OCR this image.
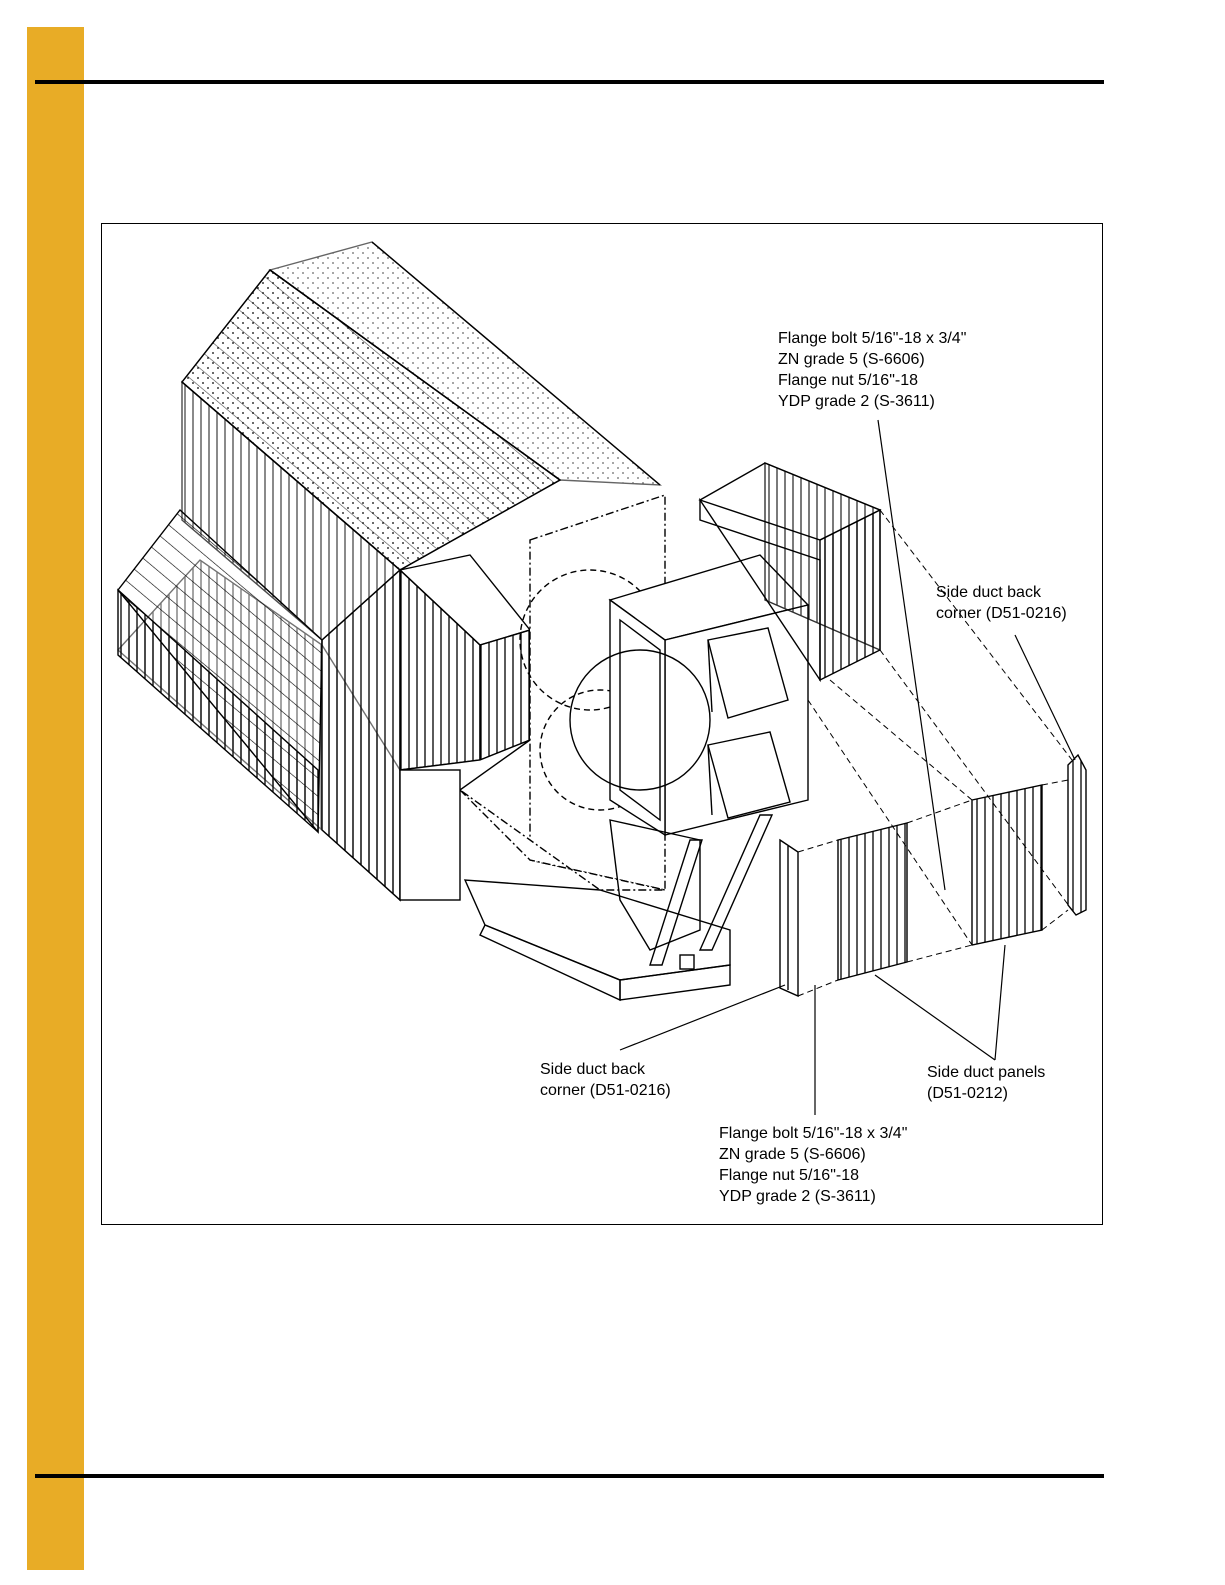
Flange bolt 5/16"-18 x 3/4"
ZN grade 5 (S-6606)
Flange nut 5/16"-18
YDP grade 2 (S-3611)
Side duct back
corner (D51-0216)
Side duct back
corner (D51-0216)
Side duct panels
(D51-0212)
Flange bolt 5/16"-18 x 3/4"
ZN grade 5 (S-6606)
Flange nut 5/16"-18
YDP grade 2 (S-3611)
